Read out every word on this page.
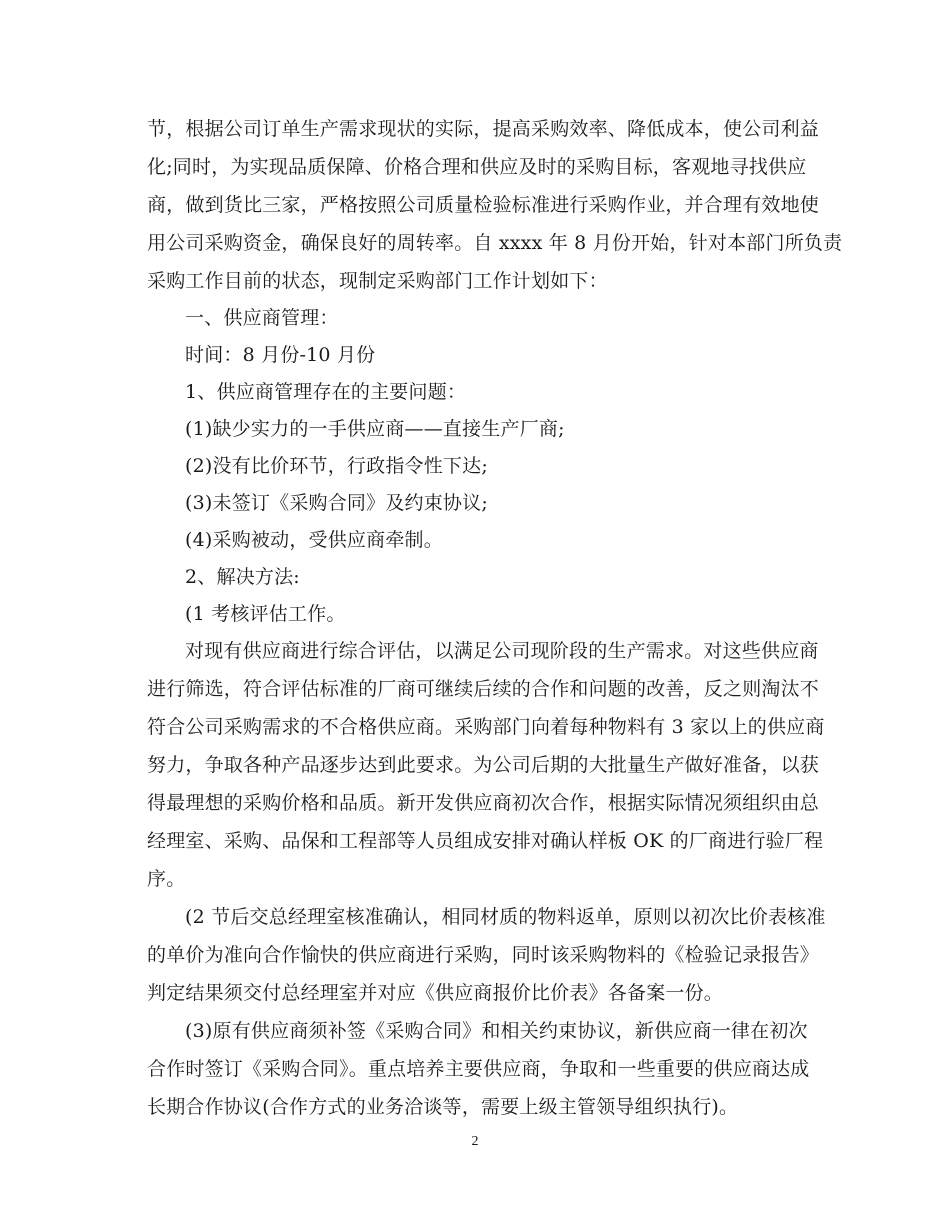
节，根据公司订单生产需求现状的实际，提高采购效率、降低成本，使公司利益

化;同时，为实现品质保障、价格合理和供应及时的采购目标，客观地寻找供应

商，做到货比三家，严格按照公司质量检验标准进行采购作业，并合理有效地使

用公司采购资金，确保良好的周转率。自 xxxx 年 8 月份开始，针对本部门所负责

采购工作目前的状态，现制定采购部门工作计划如下：

一、供应商管理：

时间：8 月份-10 月份

1、供应商管理存在的主要问题：

(1)缺少实力的一手供应商——直接生产厂商;

(2)没有比价环节，行政指令性下达;

(3)未签订《采购合同》及约束协议;

(4)采购被动，受供应商牵制。

2、解决方法:

(1 考核评估工作。

对现有供应商进行综合评估，以满足公司现阶段的生产需求。对这些供应商

进行筛选，符合评估标准的厂商可继续后续的合作和问题的改善，反之则淘汰不

符合公司采购需求的不合格供应商。采购部门向着每种物料有 3 家以上的供应商

努力，争取各种产品逐步达到此要求。为公司后期的大批量生产做好准备，以获

得最理想的采购价格和品质。新开发供应商初次合作，根据实际情况须组织由总

经理室、采购、品保和工程部等人员组成安排对确认样板 OK 的厂商进行验厂程

序。

(2 节后交总经理室核准确认，相同材质的物料返单，原则以初次比价表核准

的单价为准向合作愉快的供应商进行采购，同时该采购物料的《检验记录报告》

判定结果须交付总经理室并对应《供应商报价比价表》各备案一份。

(3)原有供应商须补签《采购合同》和相关约束协议，新供应商一律在初次

合作时签订《采购合同》。重点培养主要供应商，争取和一些重要的供应商达成

长期合作协议(合作方式的业务洽谈等，需要上级主管领导组织执行)。

2
